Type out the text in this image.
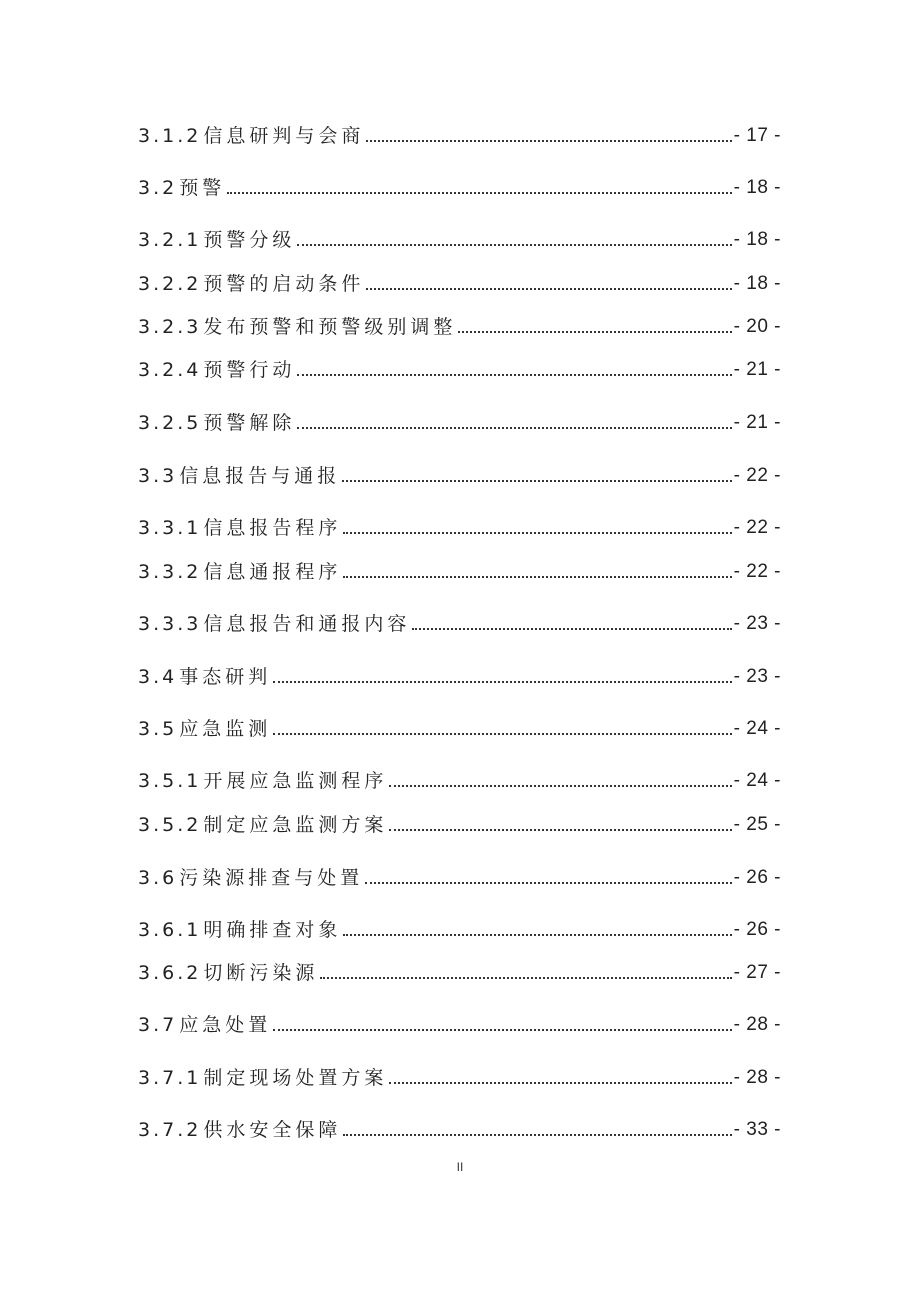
3.1.2 信息研判与会商	- 17 -
3.2 预警	- 18 -
3.2.1 预警分级	- 18 -
3.2.2 预警的启动条件	- 18 -
3.2.3 发布预警和预警级别调整	- 20 -
3.2.4 预警行动	- 21 -
3.2.5 预警解除	- 21 -
3.3 信息报告与通报	- 22 -
3.3.1 信息报告程序	- 22 -
3.3.2 信息通报程序	- 22 -
3.3.3 信息报告和通报内容	- 23 -
3.4 事态研判	- 23 -
3.5 应急监测	- 24 -
3.5.1 开展应急监测程序	- 24 -
3.5.2 制定应急监测方案	- 25 -
3.6 污染源排查与处置	- 26 -
3.6.1 明确排查对象	- 26 -
3.6.2 切断污染源	- 27 -
3.7 应急处置	- 28 -
3.7.1 制定现场处置方案	- 28 -
3.7.2 供水安全保障	- 33 -
II
